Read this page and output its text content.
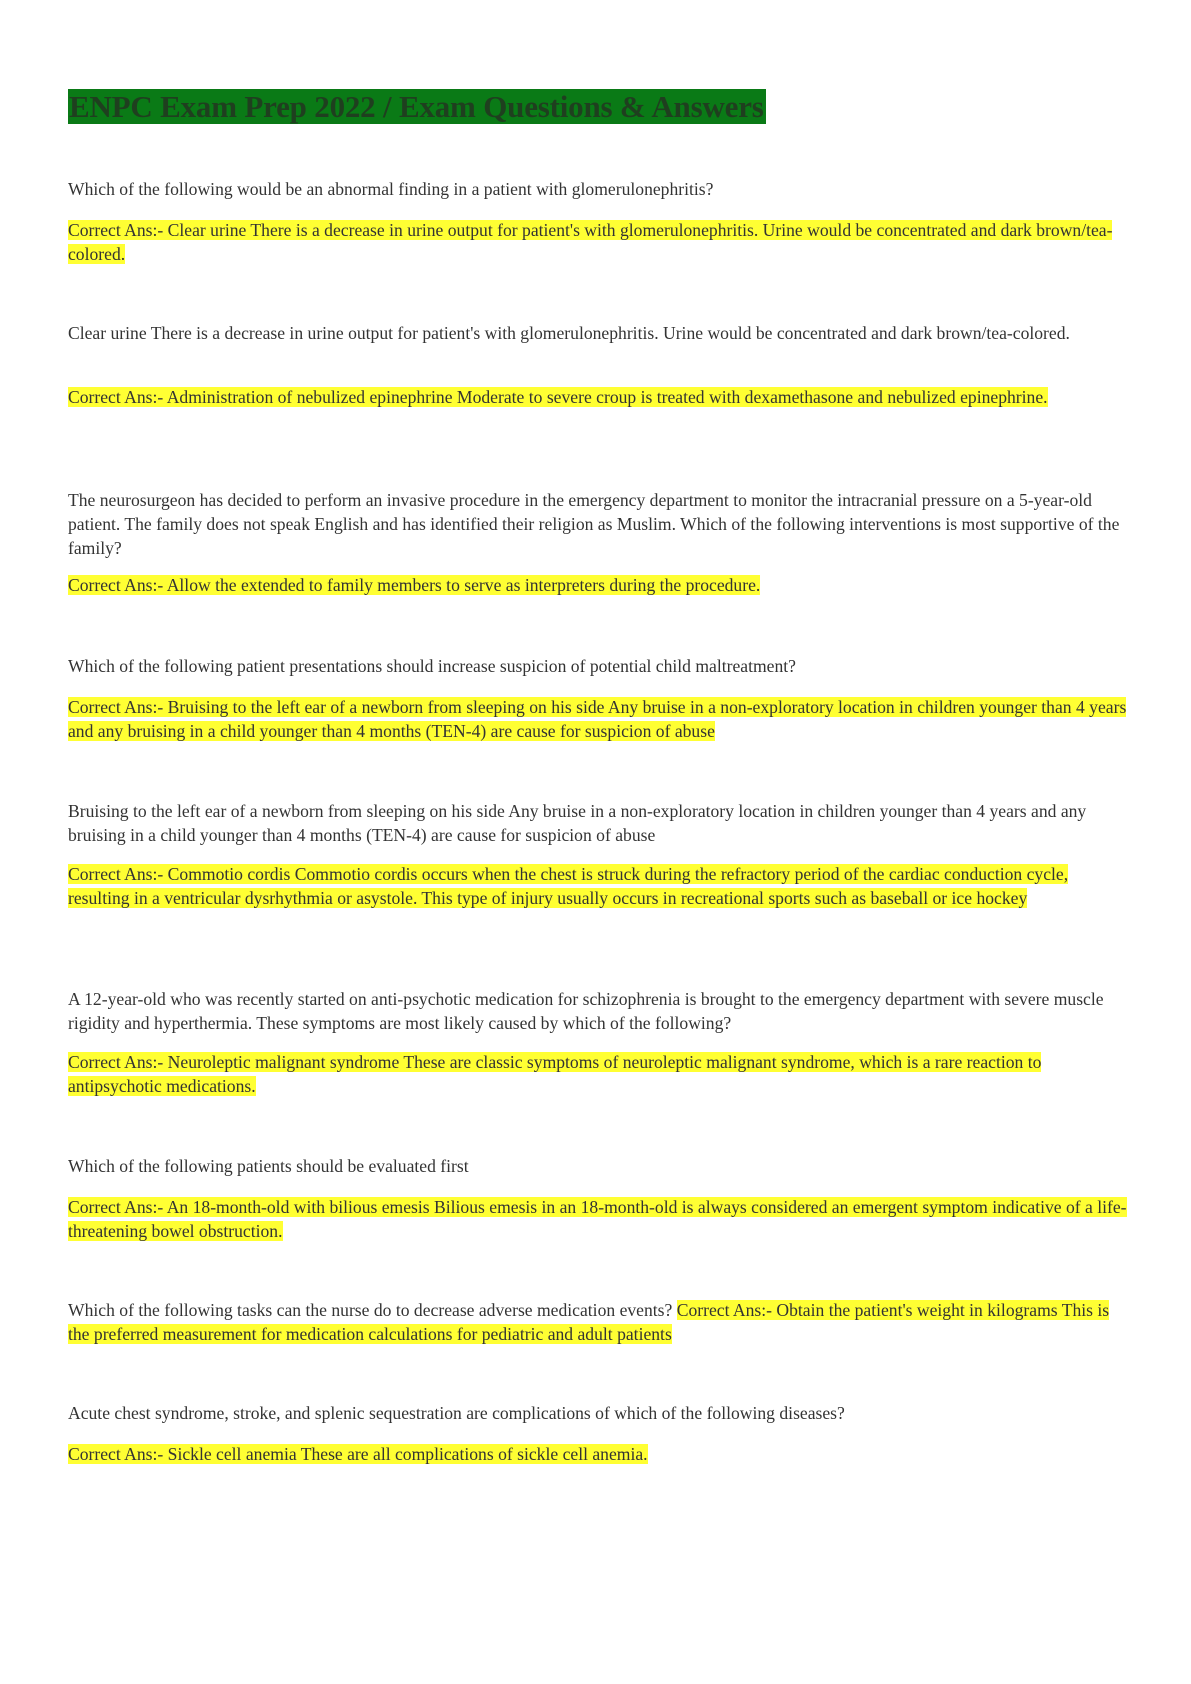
ENPC Exam Prep 2022 / Exam Questions & Answers

Which of the following would be an abnormal finding in a patient with glomerulonephritis?

Correct Ans:- Clear urine There is a decrease in urine output for patient's with glomerulonephritis. Urine would be concentrated and dark brown/tea-colored.

Clear urine There is a decrease in urine output for patient's with glomerulonephritis. Urine would be concentrated and dark brown/tea-colored.

Correct Ans:- Administration of nebulized epinephrine Moderate to severe croup is treated with dexamethasone and nebulized epinephrine.

The neurosurgeon has decided to perform an invasive procedure in the emergency department to monitor the intracranial pressure on a 5-year-old patient. The family does not speak English and has identified their religion as Muslim. Which of the following interventions is most supportive of the family?

Correct Ans:- Allow the extended to family members to serve as interpreters during the procedure.

Which of the following patient presentations should increase suspicion of potential child maltreatment?

Correct Ans:- Bruising to the left ear of a newborn from sleeping on his side Any bruise in a non-exploratory location in children younger than 4 years and any bruising in a child younger than 4 months (TEN-4) are cause for suspicion of abuse

Bruising to the left ear of a newborn from sleeping on his side Any bruise in a non-exploratory location in children younger than 4 years and any bruising in a child younger than 4 months (TEN-4) are cause for suspicion of abuse

Correct Ans:- Commotio cordis Commotio cordis occurs when the chest is struck during the refractory period of the cardiac conduction cycle, resulting in a ventricular dysrhythmia or asystole. This type of injury usually occurs in recreational sports such as baseball or ice hockey

A 12-year-old who was recently started on anti-psychotic medication for schizophrenia is brought to the emergency department with severe muscle rigidity and hyperthermia. These symptoms are most likely caused by which of the following?

Correct Ans:- Neuroleptic malignant syndrome These are classic symptoms of neuroleptic malignant syndrome, which is a rare reaction to antipsychotic medications.

Which of the following patients should be evaluated first

Correct Ans:- An 18-month-old with bilious emesis Bilious emesis in an 18-month-old is always considered an emergent symptom indicative of a life-threatening bowel obstruction.

Which of the following tasks can the nurse do to decrease adverse medication events? Correct Ans:- Obtain the patient's weight in kilograms This is the preferred measurement for medication calculations for pediatric and adult patients

Acute chest syndrome, stroke, and splenic sequestration are complications of which of the following diseases?

Correct Ans:- Sickle cell anemia These are all complications of sickle cell anemia.
